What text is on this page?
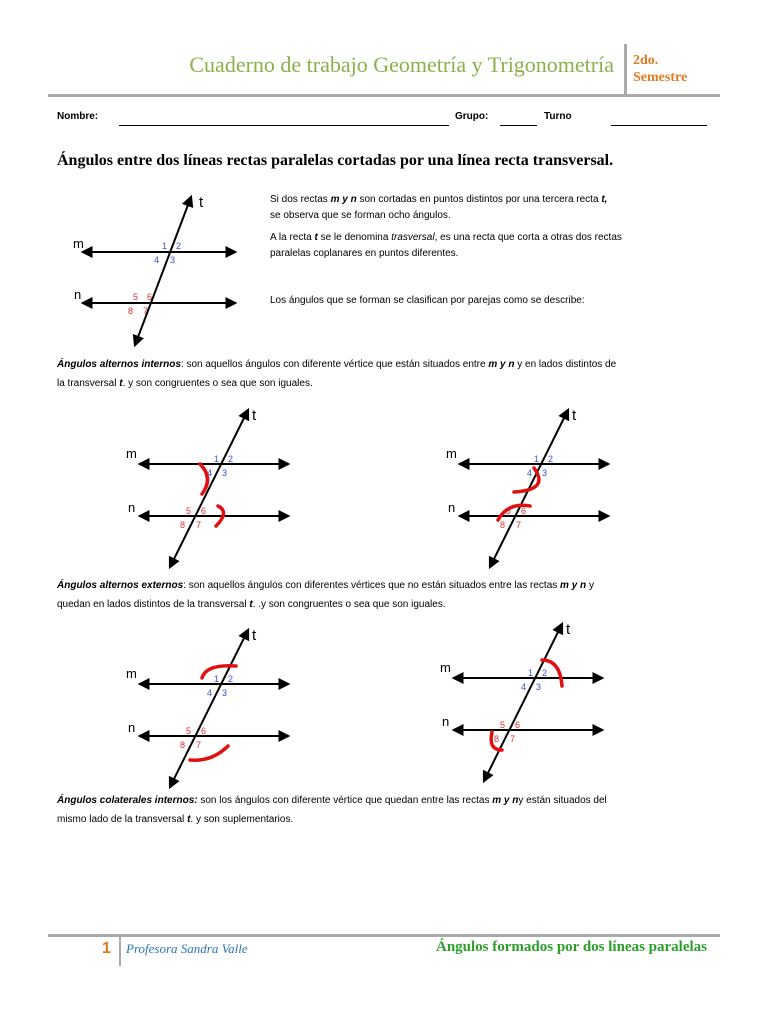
Cuaderno de trabajo Geometría y Trigonometría 2do.
Semestre
Nombre:	Grupo:	Turno
Ángulos entre dos líneas rectas paralelas cortadas por una línea recta transversal.
t
m
n
1 2
4 3
5 6
8 7
Si dos rectas m y n son cortadas en puntos distintos por una tercera recta t,
se observa que se forman ocho ángulos.
A la recta t se le denomina trasversal, es una recta que corta a otras dos rectas
paralelas coplanares en puntos diferentes.
Los ángulos que se forman se clasifican por parejas como se describe:
Ángulos alternos internos: son aquellos ángulos con diferente vértice que están situados entre m y n y en lados distintos de
la transversal t. y son congruentes o sea que son iguales.
t
m
n
1 2
4 3
5 6
8 7
t
m
n
1 2
4 3
5 6
8 7
Ángulos alternos externos: son aquellos ángulos con diferentes vértices que no están situados entre las rectas m y n y
quedan en lados distintos de la transversal t. .y son congruentes o sea que son iguales.
t
m
n
1 2
4 3
5 6
8 7
t
m
n
1 2
4 3
5 6
8 7
Ángulos colaterales internos: son los ángulos con diferente vértice que quedan entre las rectas m y ny están situados del
mismo lado de la transversal t. y son suplementarios.
1 Profesora Sandra Valle	Ángulos formados por dos líneas paralelas
